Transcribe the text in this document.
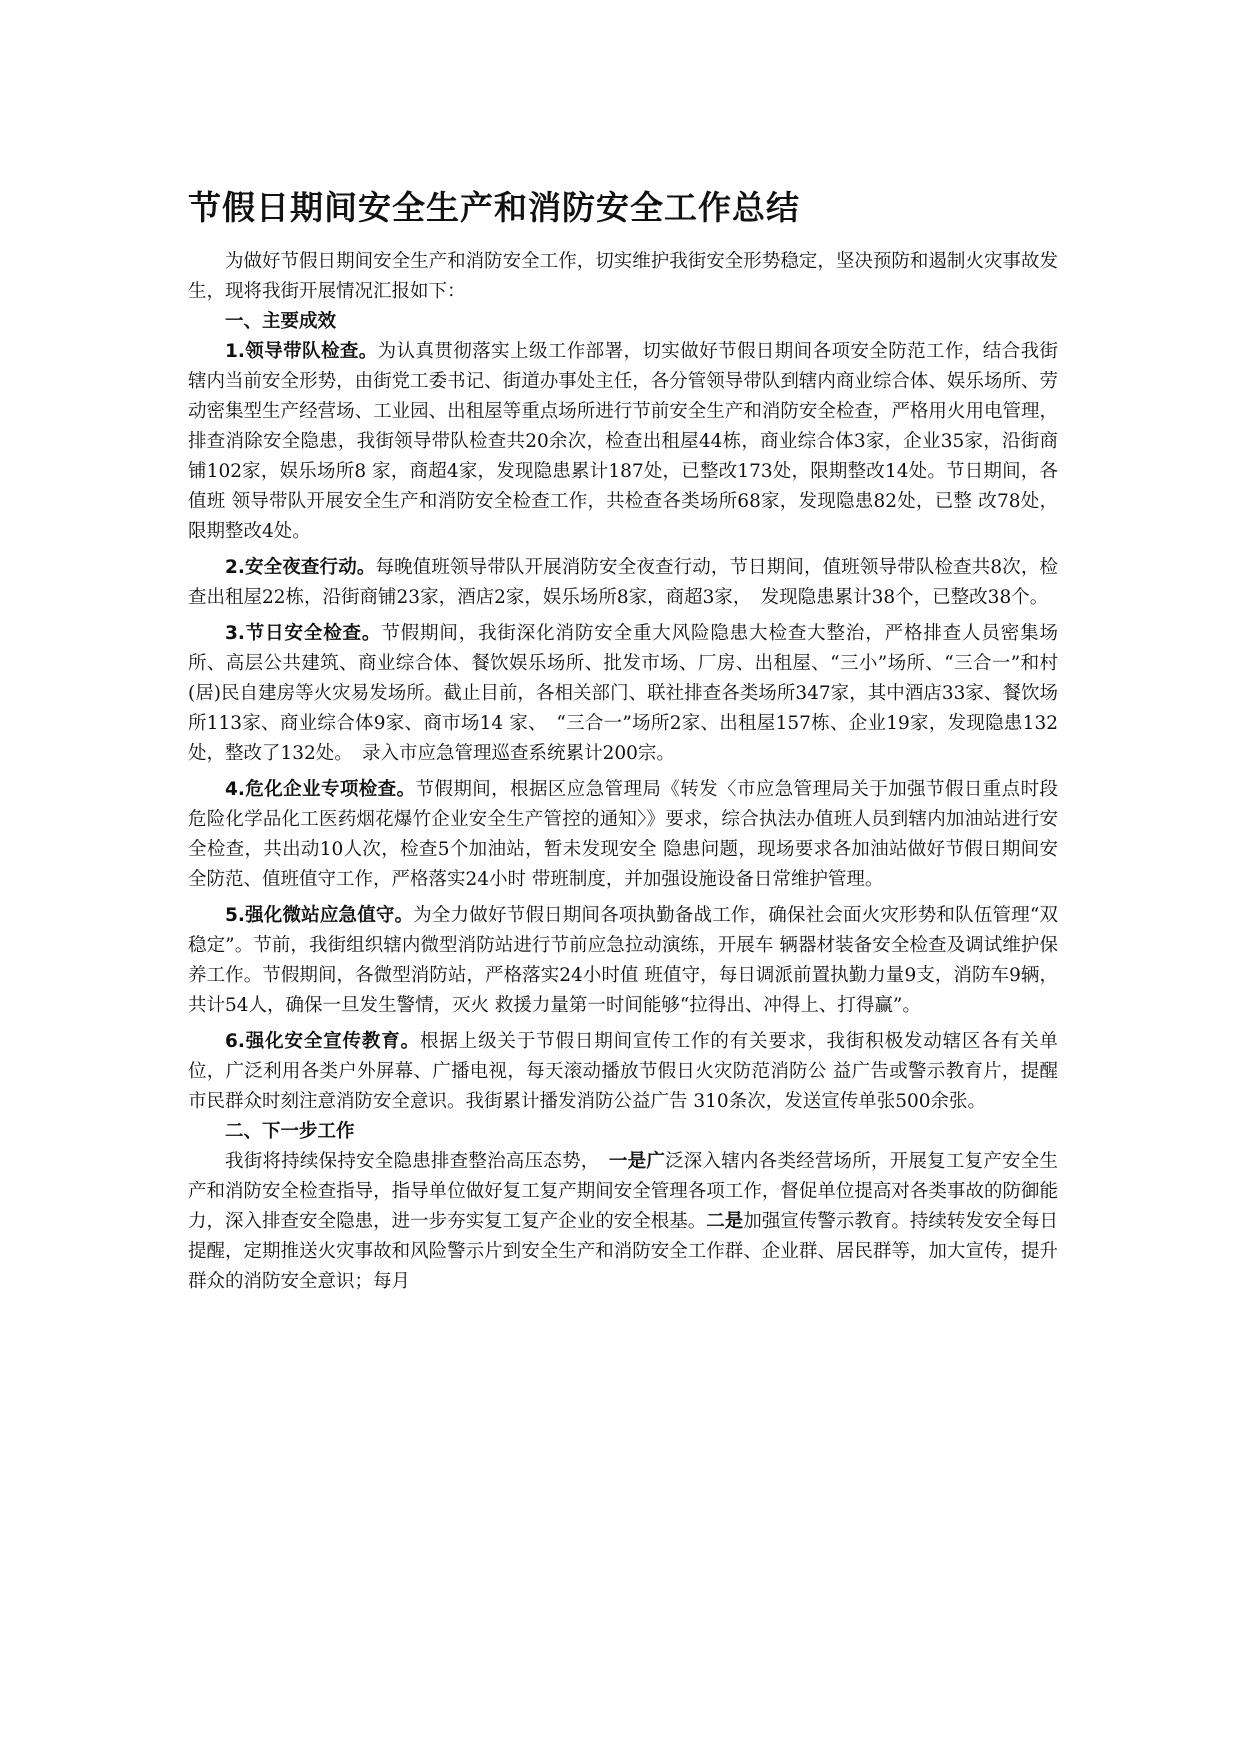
节假日期间安全生产和消防安全工作总结

为做好节假日期间安全生产和消防安全工作，切实维护我街安全形势稳定，坚决预防和遏制火灾事故发生，现将我街开展情况汇报如下：

一、主要成效

1.领导带队检查。为认真贯彻落实上级工作部署，切实做好节假日期间各项安全防范工作，结合我街辖内当前安全形势，由街党工委书记、街道办事处主任，各分管领导带队到辖内商业综合体、娱乐场所、劳动密集型生产经营场、工业园、出租屋等重点场所进行节前安全生产和消防安全检查，严格用火用电管理，排查消除安全隐患，我街领导带队检查共20余次，检查出租屋44栋，商业综合体3家，企业35家，沿街商铺102家，娱乐场所8 家，商超4家，发现隐患累计187处，已整改173处，限期整改14处。节日期间，各值班 领导带队开展安全生产和消防安全检查工作，共检查各类场所68家，发现隐患82处，已整 改78处，限期整改4处。

2.安全夜查行动。每晚值班领导带队开展消防安全夜查行动，节日期间，值班领导带队检查共8次，检查出租屋22栋，沿街商铺23家，酒店2家，娱乐场所8家，商超3家，　发现隐患累计38个，已整改38个。

3.节日安全检查。节假期间，我街深化消防安全重大风险隐患大检查大整治，严格排查人员密集场所、高层公共建筑、商业综合体、餐饮娱乐场所、批发市场、厂房、出租屋、“三小”场所、“三合一”和村(居)民自建房等火灾易发场所。截止目前，各相关部门、联社排查各类场所347家，其中酒店33家、餐饮场所113家、商业综合体9家、商市场14 家、　“三合一”场所2家、出租屋157栋、企业19家，发现隐患132处，整改了132处。　录入市应急管理巡查系统累计200宗。

4.危化企业专项检查。节假期间，根据区应急管理局《转发〈市应急管理局关于加强节假日重点时段危险化学品化工医药烟花爆竹企业安全生产管控的通知〉》要求，综合执法办值班人员到辖内加油站进行安全检查，共出动10人次，检查5个加油站，暂未发现安全 隐患问题，现场要求各加油站做好节假日期间安全防范、值班值守工作，严格落实24小时 带班制度，并加强设施设备日常维护管理。

5.强化微站应急值守。为全力做好节假日期间各项执勤备战工作，确保社会面火灾形势和队伍管理“双稳定”。节前，我街组织辖内微型消防站进行节前应急拉动演练，开展车 辆器材装备安全检查及调试维护保养工作。节假期间，各微型消防站，严格落实24小时值 班值守，每日调派前置执勤力量9支，消防车9辆，共计54人，确保一旦发生警情，灭火 救援力量第一时间能够“拉得出、冲得上、打得赢”。

6.强化安全宣传教育。根据上级关于节假日期间宣传工作的有关要求，我街积极发动辖区各有关单位，广泛利用各类户外屏幕、广播电视，每天滚动播放节假日火灾防范消防公 益广告或警示教育片，提醒市民群众时刻注意消防安全意识。我街累计播发消防公益广告 310条次，发送宣传单张500余张。

二、下一步工作

我街将持续保持安全隐患排查整治高压态势，　一是广泛深入辖内各类经营场所，开展复工复产安全生产和消防安全检查指导，指导单位做好复工复产期间安全管理各项工作，督促单位提高对各类事故的防御能力，深入排查安全隐患，进一步夯实复工复产企业的安全根基。二是加强宣传警示教育。持续转发安全每日提醒，定期推送火灾事故和风险警示片到安全生产和消防安全工作群、企业群、居民群等，加大宣传，提升群众的消防安全意识；每月
